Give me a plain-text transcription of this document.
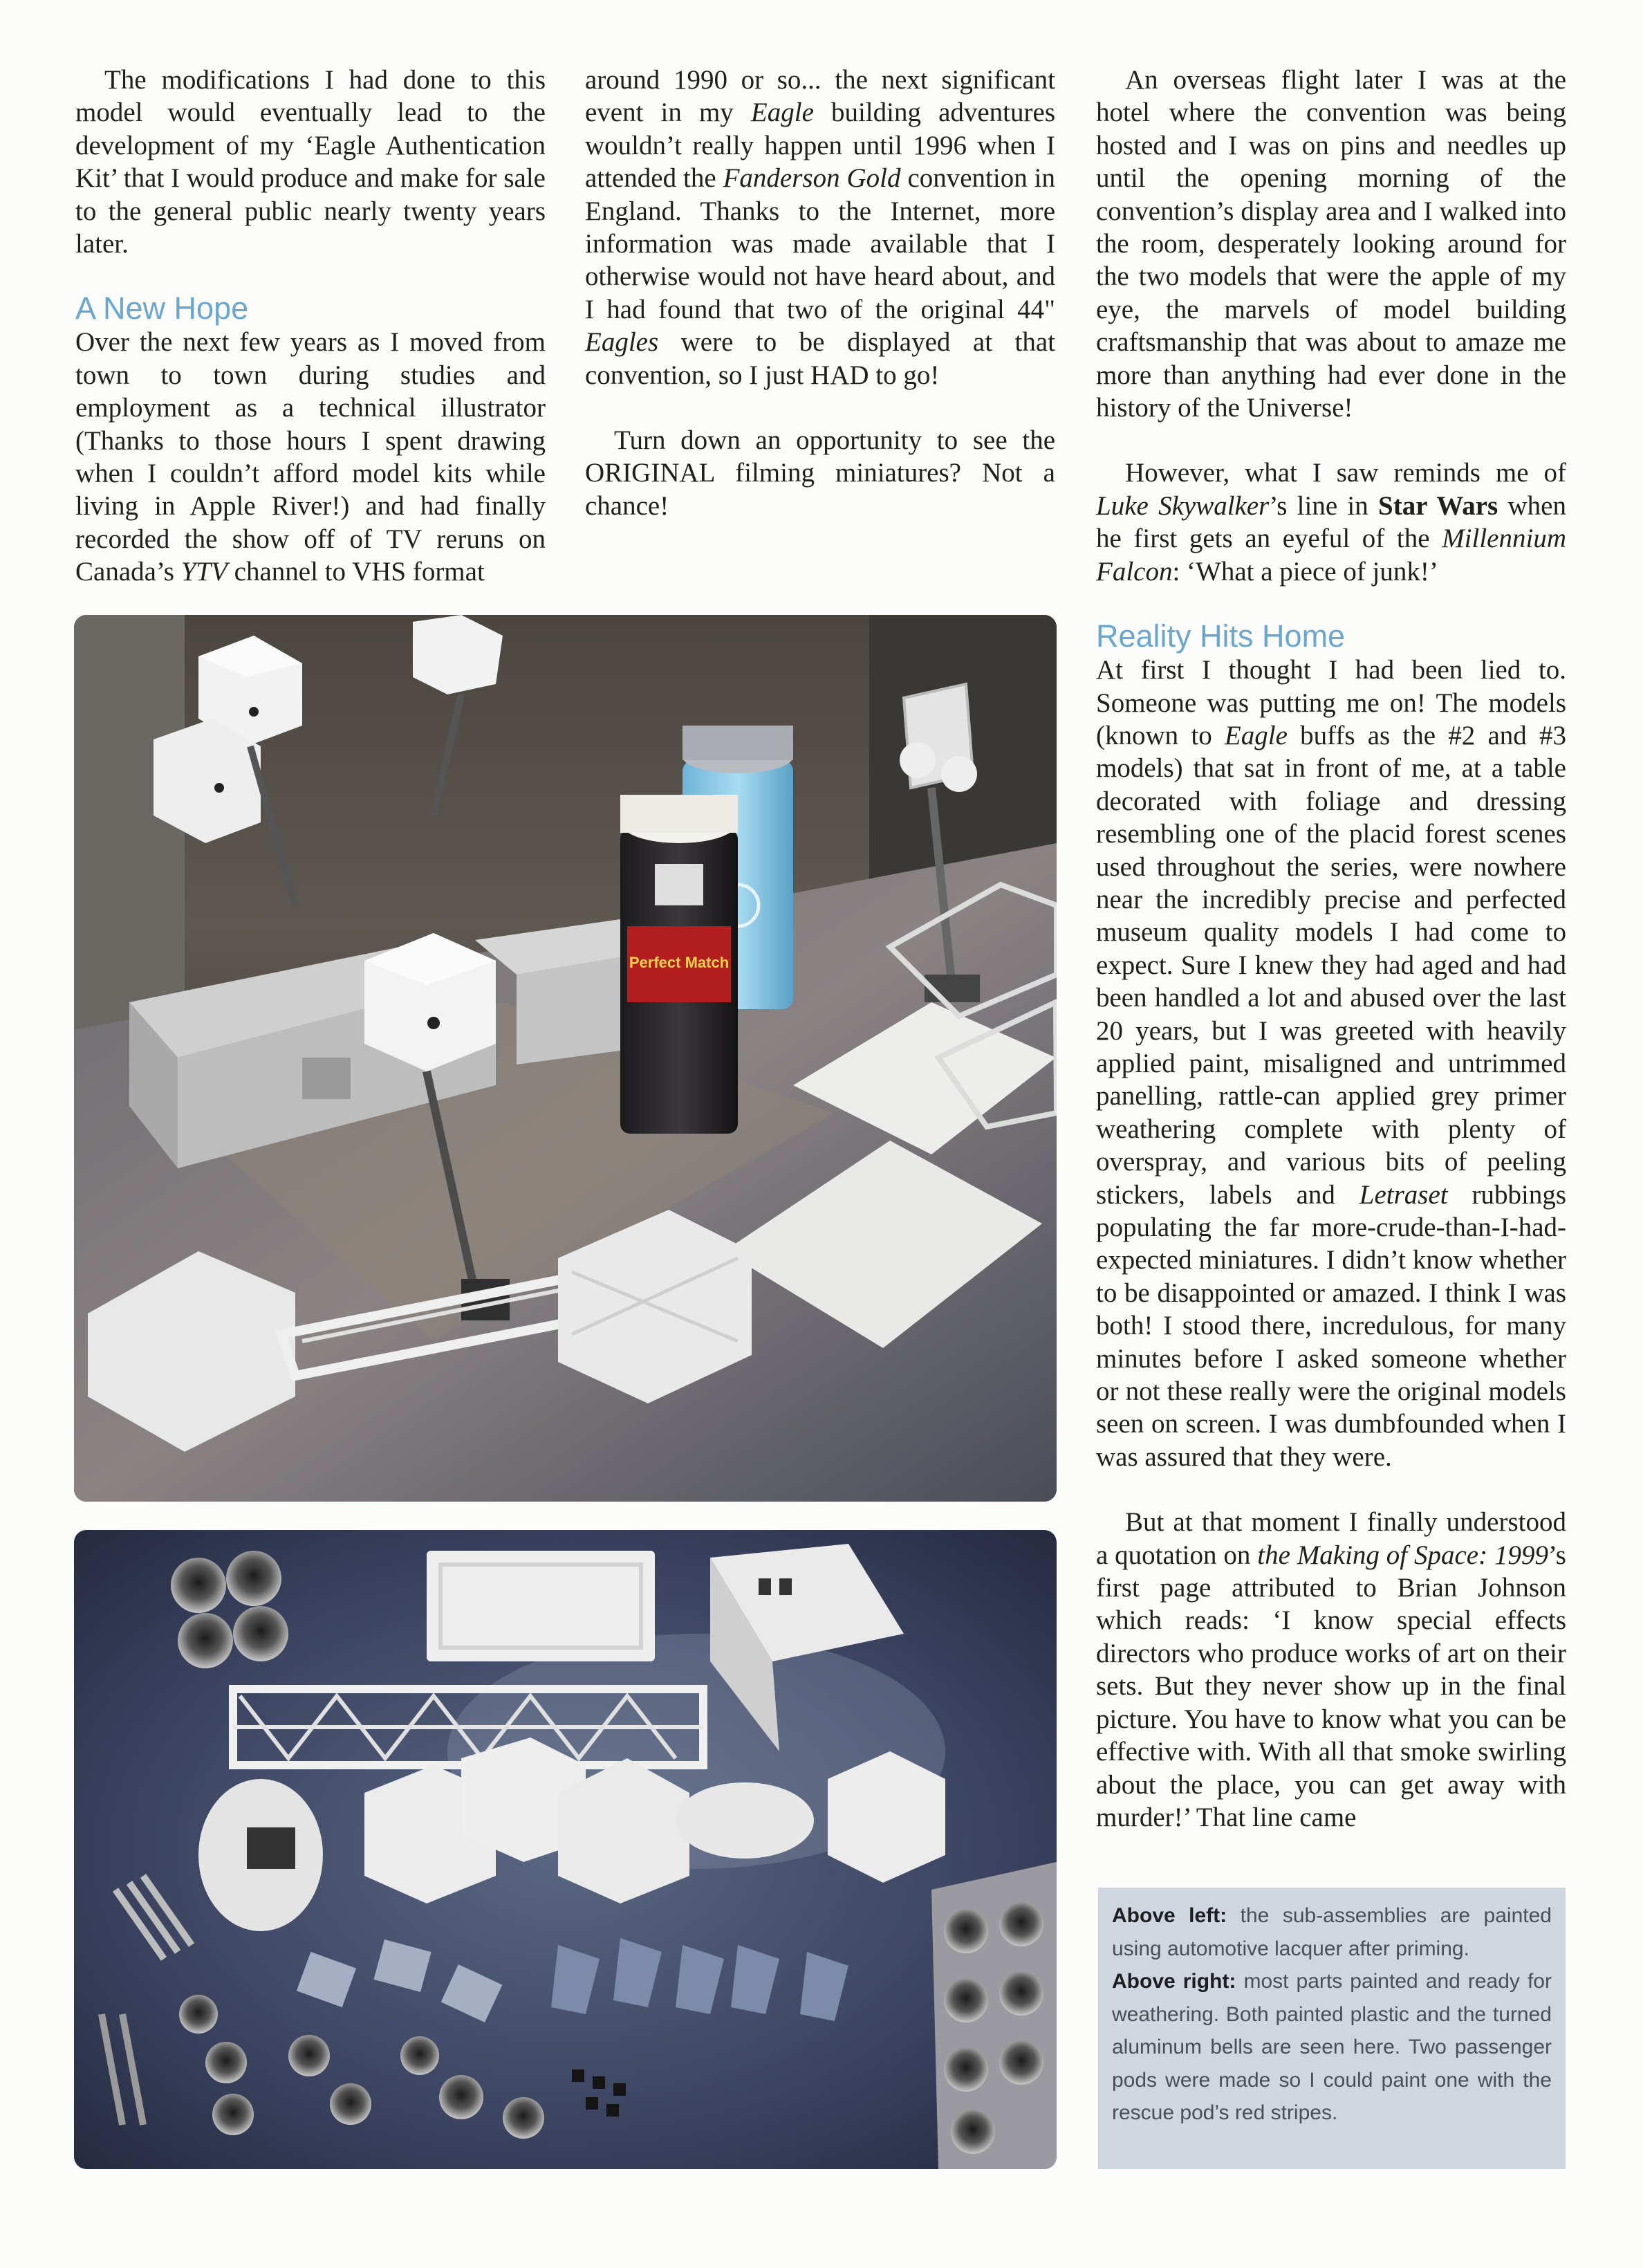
The modifications I had done to this model would eventually lead to the development of my ‘Eagle Authentication Kit’ that I would produce and make for sale to the general public nearly twenty years later.

A New Hope

Over the next few years as I moved from town to town during studies and employment as a technical illustrator (Thanks to those hours I spent drawing when I couldn’t afford model kits while living in Apple River!) and had finally recorded the show off of TV reruns on Canada’s YTV channel to VHS format

around 1990 or so... the next significant event in my Eagle building adventures wouldn’t really happen until 1996 when I attended the Fanderson Gold convention in England. Thanks to the Internet, more information was made available that I otherwise would not have heard about, and I had found that two of the original 44" Eagles were to be displayed at that convention, so I just HAD to go!

Turn down an opportunity to see the ORIGINAL filming miniatures? Not a chance!

An overseas flight later I was at the hotel where the convention was being hosted and I was on pins and needles up until the opening morning of the convention’s display area and I walked into the room, desperately looking around for the two models that were the apple of my eye, the marvels of model building craftsmanship that was about to amaze me more than anything had ever done in the history of the Universe!

However, what I saw reminds me of Luke Skywalker’s line in Star Wars when he first gets an eyeful of the Millennium Falcon: ‘What a piece of junk!’

Reality Hits Home

At first I thought I had been lied to. Someone was putting me on! The models (known to Eagle buffs as the #2 and #3 models) that sat in front of me, at a table decorated with foliage and dressing resembling one of the placid forest scenes used throughout the series, were nowhere near the incredibly precise and perfected museum quality models I had come to expect. Sure I knew they had aged and had been handled a lot and abused over the last 20 years, but I was greeted with heavily applied paint, misaligned and untrimmed panelling, rattle-can applied grey primer weathering complete with plenty of overspray, and various bits of peeling stickers, labels and Letraset rubbings populating the far more-crude-than-I-had-expected miniatures. I didn’t know whether to be disappointed or amazed. I think I was both! I stood there, incredulous, for many minutes before I asked someone whether or not these really were the original models seen on screen. I was dumbfounded when I was assured that they were.

But at that moment I finally understood a quotation on the Making of Space: 1999’s first page attributed to Brian Johnson which reads: ‘I know special effects directors who produce works of art on their sets. But they never show up in the final picture. You have to know what you can be effective with. With all that smoke swirling about the place, you can get away with murder!’ That line came

Perfect Match

Above left: the sub-assemblies are painted using automotive lacquer after priming.

Above right: most parts painted and ready for weathering. Both painted plastic and the turned aluminum bells are seen here. Two passenger pods were made so I could paint one with the rescue pod’s red stripes.
